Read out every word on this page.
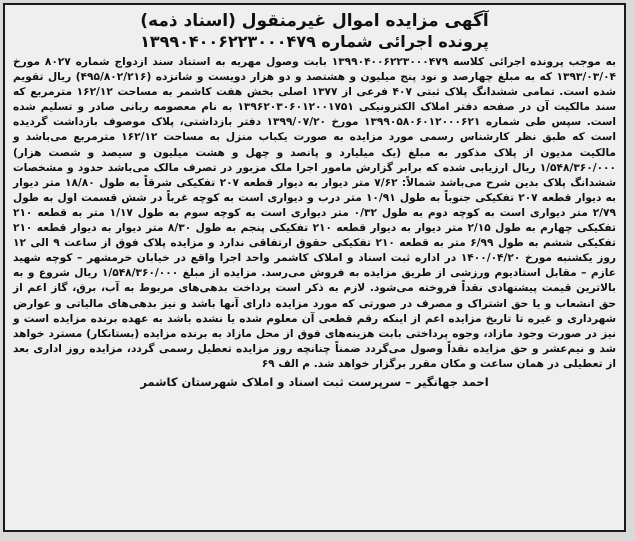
آگهی مزایده اموال غیرمنقول (اسناد ذمه)
پرونده اجرائی شماره ۱۳۹۹۰۴۰۰۶۲۲۳۰۰۰۴۷۹

به موجب پرونده اجرائی کلاسه ۱۳۹۹۰۴۰۰۶۲۲۳۰۰۰۴۷۹ بابت وصول مهریه به استناد سند ازدواج شماره ۸۰۲۷ مورخ ۱۳۹۳/۰۳/۰۴ که به مبلغ چهارصد و نود پنج میلیون و هشتصد و دو هزار دویست و شانزده (۴۹۵/۸۰۲/۲۱۶) ریال تقویم شده است. تمامی ششدانگ پلاک ثبتی ۴۰۷ فرعی از ۱۳۷۷ اصلی بخش هفت کاشمر به مساحت ۱۶۲/۱۲ مترمربع که سند مالکیت آن در صفحه دفتر املاک الکترونیکی ۱۳۹۶۲۰۳۰۶۰۱۲۰۰۱۷۵۱ به نام معصومه ربانی صادر و تسلیم شده است. سپس طی شماره ۱۳۹۹۰۵۸۰۶۰۱۲۰۰۰۶۲۱ مورخ ۱۳۹۹/۰۷/۲۰ دفتر بازداشتی، پلاک موصوف بازداشت گردیده است که طبق نظر کارشناس رسمی مورد مزایده به صورت یکباب منزل به مساحت ۱۶۲/۱۲ مترمربع می‌باشد و مالکیت مدیون از پلاک مذکور به مبلغ (یک میلیارد و پانصد و چهل و هشت میلیون و سیصد و شصت هزار) ۱/۵۴۸/۳۶۰/۰۰۰ ریال ارزیابی شده که برابر گزارش مامور اجرا ملک مزبور در تصرف مالک می‌باشد حدود و مشخصات ششدانگ پلاک بدین شرح می‌باشد شمالاً: ۷/۶۲ متر دیوار به دیوار قطعه ۲۰۷ تفکیکی شرقاً به طول ۱۸/۸۰ متر دیوار به دیوار قطعه ۲۰۷ تفکیکی جنوباً به طول ۱۰/۹۱ متر درب و دیواری است به کوچه غرباً در شش قسمت اول به طول ۲/۷۹ متر دیواری است به کوچه دوم به طول ۰/۳۲ متر دیواری است به کوچه سوم به طول ۱/۱۷ متر به قطعه ۲۱۰ تفکیکی چهارم به طول ۲/۱۵ متر دیوار به دیوار قطعه ۲۱۰ تفکیکی پنجم به طول ۸/۳۰ متر دیوار به دیوار قطعه ۲۱۰ تفکیکی ششم به طول ۶/۹۹ متر به قطعه ۲۱۰ تفکیکی حقوق ارتفاقی ندارد و مزایده پلاک فوق از ساعت ۹ الی ۱۲ روز یکشنبه مورخ ۱۴۰۰/۰۴/۲۰ در اداره ثبت اسناد و املاک کاشمر واحد اجرا واقع در خیابان خرمشهر – کوچه شهید عازم – مقابل استادیوم ورزشی از طریق مزایده به فروش می‌رسد. مزایده از مبلغ ۱/۵۴۸/۳۶۰/۰۰۰ ریال شروع و به بالاترین قیمت پیشنهادی نقداً فروخته می‌شود. لازم به ذکر است پرداخت بدهی‌های مربوط به آب، برق، گاز اعم از حق انشعاب و یا حق اشتراک و مصرف در صورتی که مورد مزایده دارای آنها باشد و نیز بدهی‌های مالیاتی و عوارض شهرداری و غیره تا تاریخ مزایده اعم از اینکه رقم قطعی آن معلوم شده یا نشده باشد به عهده برنده مزایده است و نیز در صورت وجود مازاد، وجوه پرداختی بابت هزینه‌های فوق از محل مازاد به برنده مزایده (بستانکار) مسترد خواهد شد و نیم‌عشر و حق مزایده نقداً وصول می‌گردد ضمناً چنانچه روز مزایده تعطیل رسمی گردد، مزایده روز اداری بعد از تعطیلی در همان ساعت و مکان مقرر برگزار خواهد شد. م الف ۶۹

احمد جهانگیر – سرپرست ثبت اسناد و املاک شهرستان کاشمر
